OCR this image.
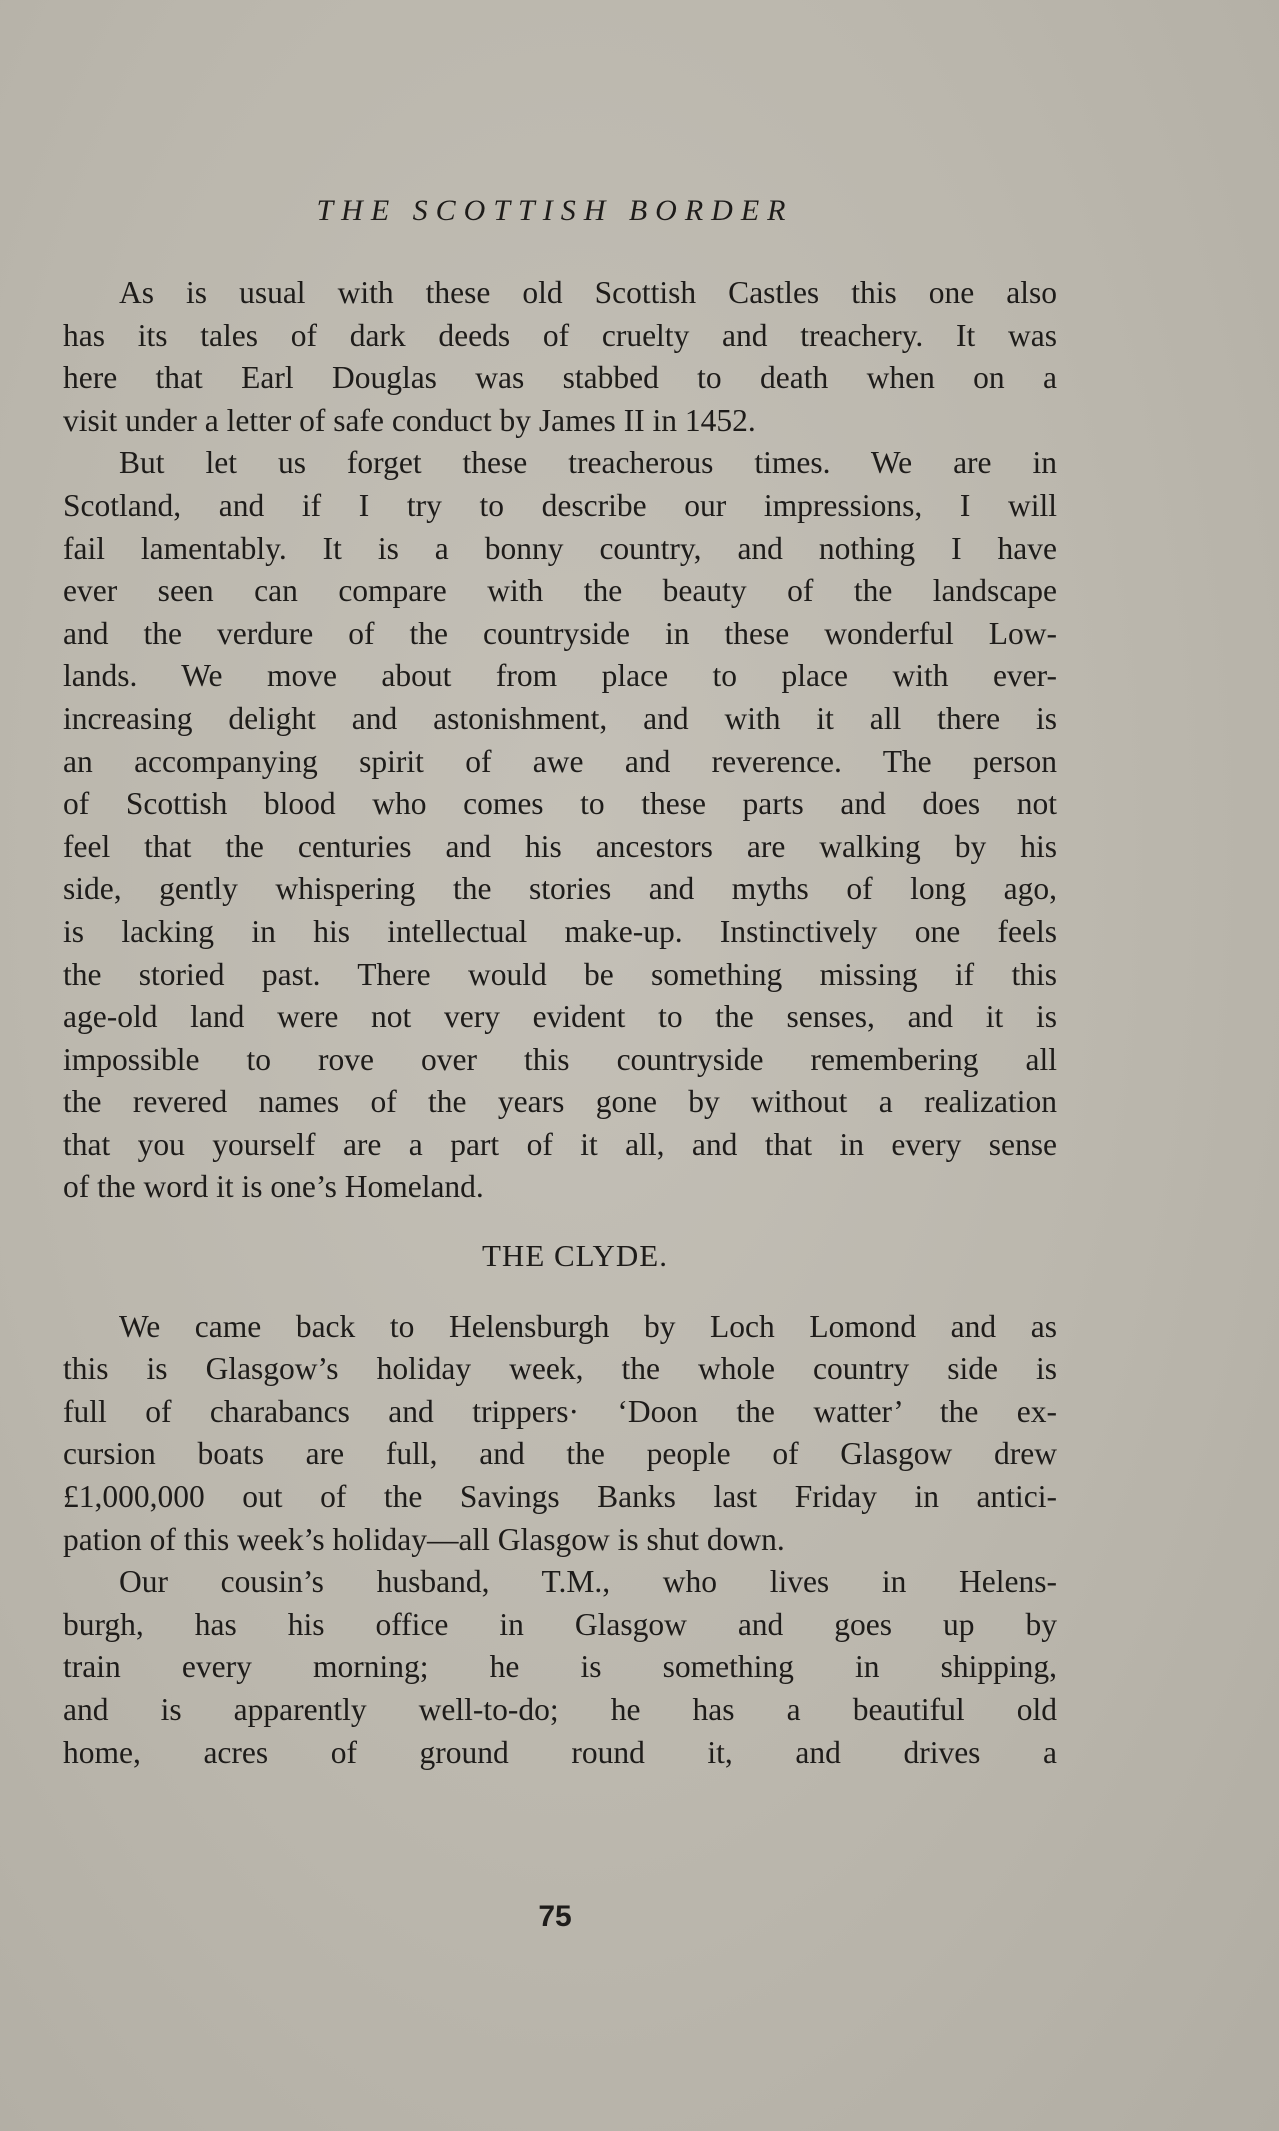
THE SCOTTISH BORDER
As is usual with these old Scottish Castles this one also
has its tales of dark deeds of cruelty and treachery. It was
here that Earl Douglas was stabbed to death when on a
visit under a letter of safe conduct by James II in 1452.
But let us forget these treacherous times. We are in
Scotland, and if I try to describe our impressions, I will
fail lamentably. It is a bonny country, and nothing I have
ever seen can compare with the beauty of the landscape
and the verdure of the countryside in these wonderful Low-
lands. We move about from place to place with ever-
increasing delight and astonishment, and with it all there is
an accompanying spirit of awe and reverence. The person
of Scottish blood who comes to these parts and does not
feel that the centuries and his ancestors are walking by his
side, gently whispering the stories and myths of long ago,
is lacking in his intellectual make-up. Instinctively one feels
the storied past. There would be something missing if this
age-old land were not very evident to the senses, and it is
impossible to rove over this countryside remembering all
the revered names of the years gone by without a realization
that you yourself are a part of it all, and that in every sense
of the word it is one’s Homeland.
THE CLYDE.
We came back to Helensburgh by Loch Lomond and as
this is Glasgow’s holiday week, the whole country side is
full of charabancs and trippers· ‘Doon the watter’ the ex-
cursion boats are full, and the people of Glasgow drew
£1,000,000 out of the Savings Banks last Friday in antici-
pation of this week’s holiday—all Glasgow is shut down.
Our cousin’s husband, T.M., who lives in Helens-
burgh, has his office in Glasgow and goes up by
train every morning; he is something in shipping,
and is apparently well-to-do; he has a beautiful old
home, acres of ground round it, and drives a
75
